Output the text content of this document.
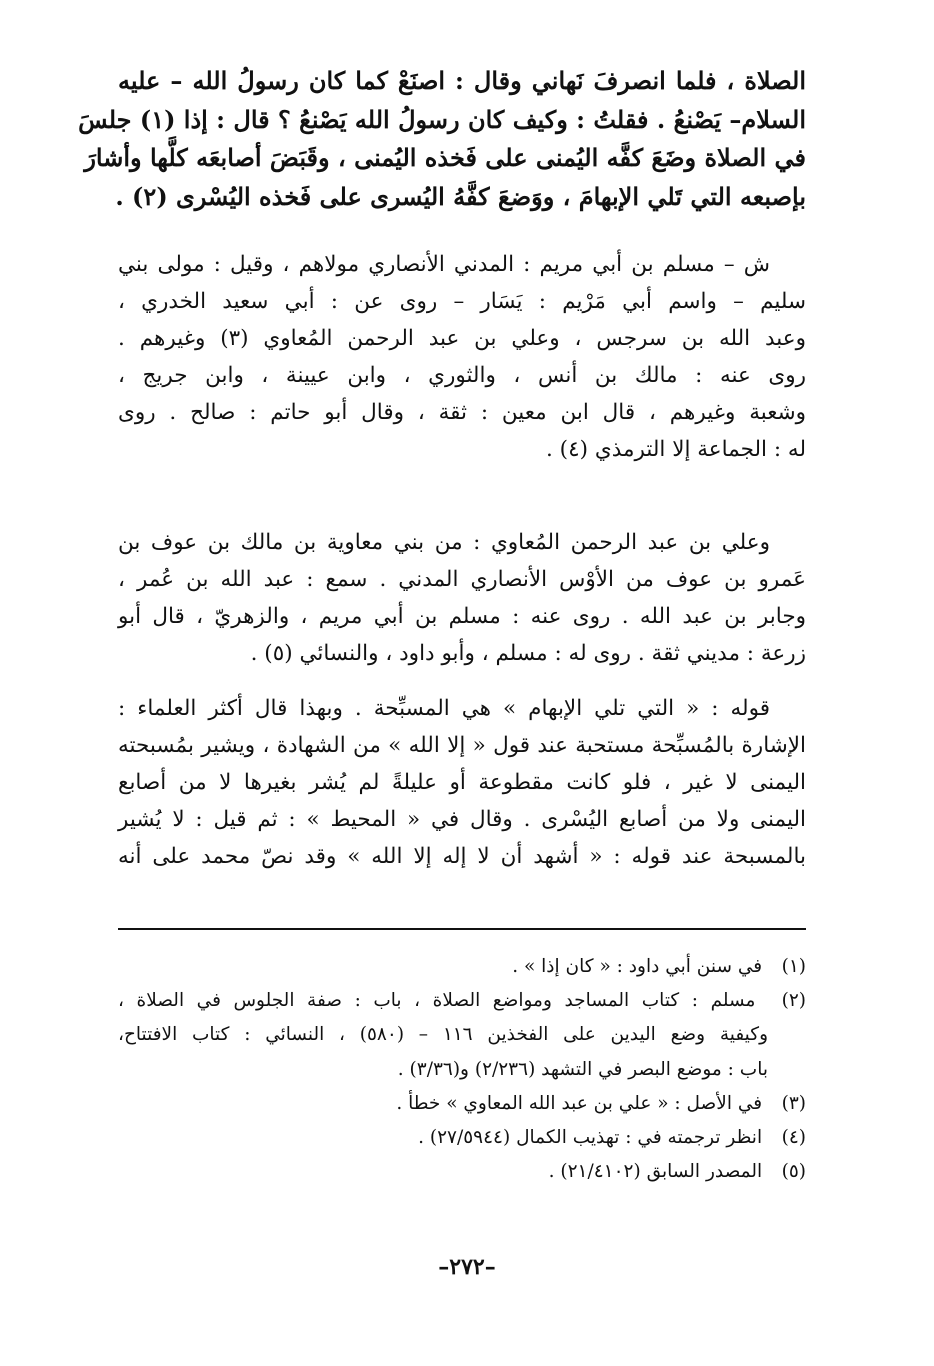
الصلاة ، فلما انصرفَ نَهاني وقال : اصنَعْ كما كان رسولُ الله – عليه
السلام– يَصْنعُ . فقلتُ : وكيف كان رسولُ الله يَصْنعُ ؟ قال : إذا (١) جلسَ
في الصلاة وضَعَ كفَّه اليُمنى على فَخذه اليُمنى ، وقَبَضَ أصابعَه كلَّها وأشارَ
بإصبعه التي تَلي الإبهامَ ، ووَضعَ كفَّهُ اليُسرى على فَخذه اليُسْرى (٢) .
ش – مسلم بن أبي مريم : المدني الأنصاري مولاهم ، وقيل : مولى بني
سليم – واسم أبي مَرْيم : يَسَار – روى عن : أبي سعيد الخدري ،
وعبد الله بن سرجس ، وعلي بن عبد الرحمن المُعاوي (٣) وغيرهم .
روى عنه : مالك بن أنس ، والثوري ، وابن عيينة ، وابن جريج ،
وشعبة وغيرهم ، قال ابن معين : ثقة ، وقال أبو حاتم : صالح . روى
له : الجماعة إلا الترمذي (٤) .
وعلي بن عبد الرحمن المُعاوي : من بني معاوية بن مالك بن عوف بن
عَمرو بن عوف من الأوْس الأنصاري المدني . سمع : عبد الله بن عُمر ،
وجابر بن عبد الله . روى عنه : مسلم بن أبي مريم ، والزهريّ ، قال أبو
زرعة : مديني ثقة . روى له : مسلم ، وأبو داود ، والنسائي (٥) .
قوله : « التي تلي الإبهام » هي المسبِّحة . وبهذا قال أكثر العلماء :
الإشارة بالمُسبِّحة مستحبة عند قول « إلا الله » من الشهادة ، ويشير بمُسبحته
اليمنى لا غير ، فلو كانت مقطوعة أو عليلةً لم يُشر بغيرها لا من أصابع
اليمنى ولا من أصابع اليُسْرى . وقال في « المحيط » : ثم قيل : لا يُشير
بالمسبحة عند قوله : « أشهد أن لا إله إلا الله » وقد نصّ محمد على أنه
(١) في سنن أبي داود : « كان إذا » .
(٢) مسلم : كتاب المساجد ومواضع الصلاة ، باب : صفة الجلوس في الصلاة ،
وكيفية وضع اليدين على الفخذين ١١٦ – (٥٨٠) ، النسائي : كتاب الافتتاح،
باب : موضع البصر في التشهد (٢/٢٣٦) و(٣/٣٦) .
(٣) في الأصل : « علي بن عبد الله المعاوي » خطأ .
(٤) انظر ترجمته في : تهذيب الكمال (٢٧/٥٩٤٤) .
(٥) المصدر السابق (٢١/٤١٠٢) .
–٢٧٢–
